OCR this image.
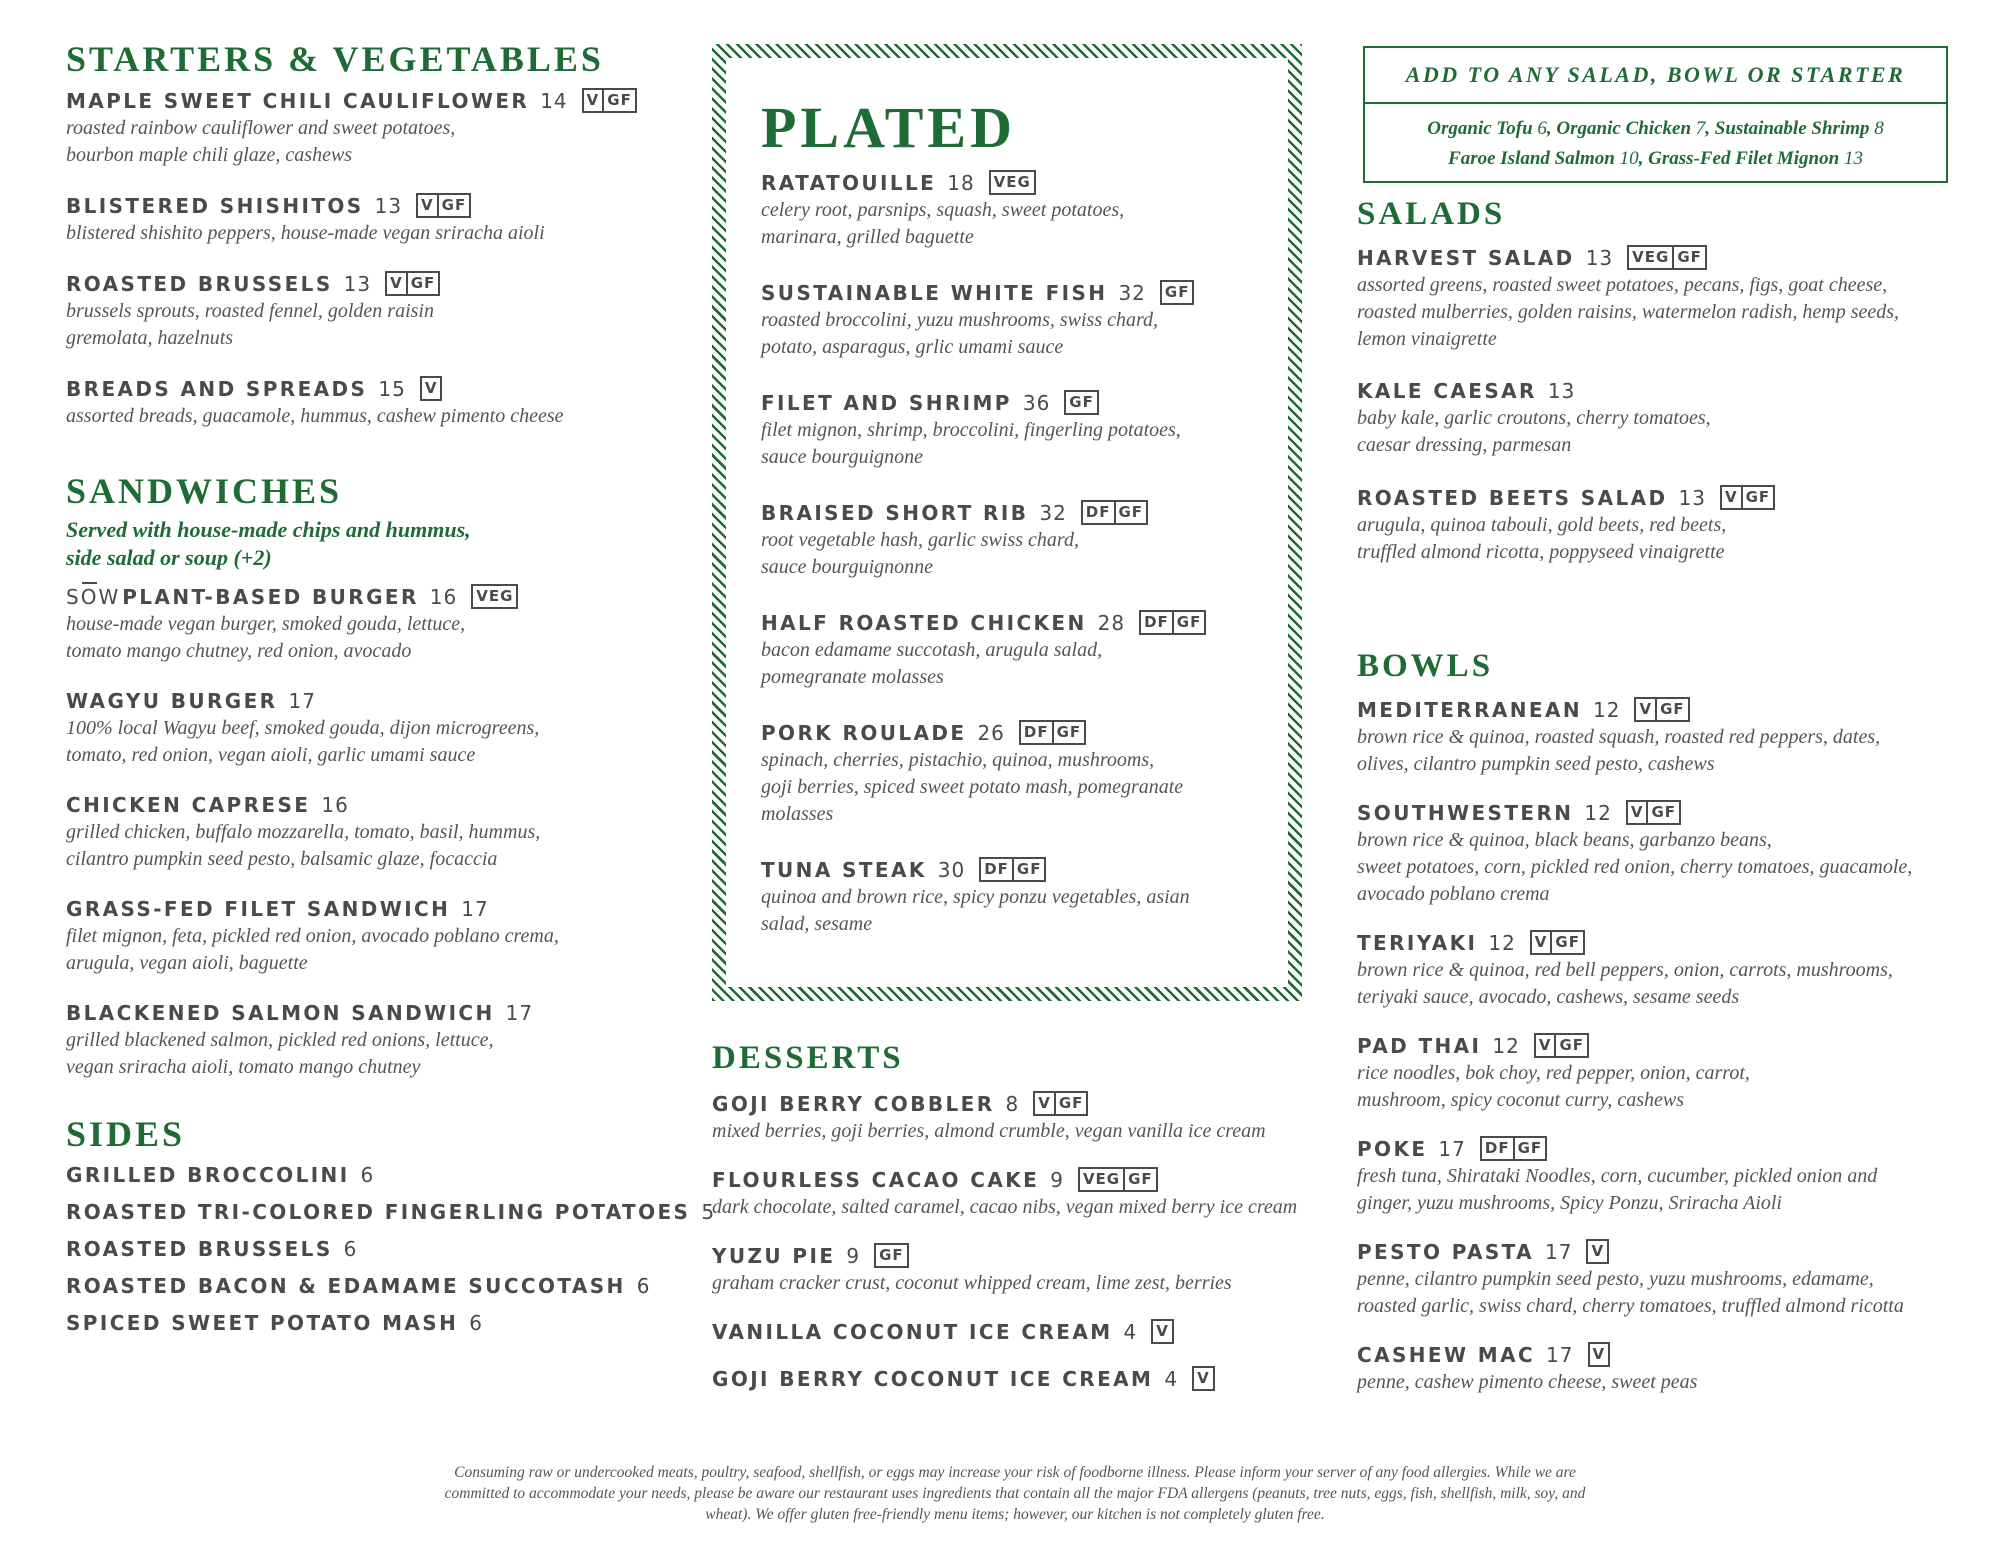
STARTERS & VEGETABLES
MAPLE SWEET CHILI CAULIFLOWER 14 V GF
roasted rainbow cauliflower and sweet potatoes,
bourbon maple chili glaze, cashews
BLISTERED SHISHITOS 13 V GF
blistered shishito peppers, house-made vegan sriracha aioli
ROASTED BRUSSELS 13 V GF
brussels sprouts, roasted fennel, golden raisin
gremolata, hazelnuts
BREADS AND SPREADS 15 V
assorted breads, guacamole, hummus, cashew pimento cheese
SANDWICHES
Served with house-made chips and hummus,
side salad or soup (+2)
SOW PLANT-BASED BURGER 16 VEG
house-made vegan burger, smoked gouda, lettuce,
tomato mango chutney, red onion, avocado
WAGYU BURGER 17
100% local Wagyu beef, smoked gouda, dijon microgreens,
tomato, red onion, vegan aioli, garlic umami sauce
CHICKEN CAPRESE 16
grilled chicken, buffalo mozzarella, tomato, basil, hummus,
cilantro pumpkin seed pesto, balsamic glaze, focaccia
GRASS-FED FILET SANDWICH 17
filet mignon, feta, pickled red onion, avocado poblano crema,
arugula, vegan aioli, baguette
BLACKENED SALMON SANDWICH 17
grilled blackened salmon, pickled red onions, lettuce,
vegan sriracha aioli, tomato mango chutney
SIDES
GRILLED BROCCOLINI 6
ROASTED TRI-COLORED FINGERLING POTATOES 5
ROASTED BRUSSELS 6
ROASTED BACON & EDAMAME SUCCOTASH 6
SPICED SWEET POTATO MASH 6
PLATED
RATATOUILLE 18 VEG
celery root, parsnips, squash, sweet potatoes,
marinara, grilled baguette
SUSTAINABLE WHITE FISH 32 GF
roasted broccolini, yuzu mushrooms, swiss chard,
potato, asparagus, grlic umami sauce
FILET AND SHRIMP 36 GF
filet mignon, shrimp, broccolini, fingerling potatoes,
sauce bourguignone
BRAISED SHORT RIB 32 DF GF
root vegetable hash, garlic swiss chard,
sauce bourguignonne
HALF ROASTED CHICKEN 28 DF GF
bacon edamame succotash, arugula salad,
pomegranate molasses
PORK ROULADE 26 DF GF
spinach, cherries, pistachio, quinoa, mushrooms,
goji berries, spiced sweet potato mash, pomegranate
molasses
TUNA STEAK 30 DF GF
quinoa and brown rice, spicy ponzu vegetables, asian
salad, sesame
DESSERTS
GOJI BERRY COBBLER 8 V GF
mixed berries, goji berries, almond crumble, vegan vanilla ice cream
FLOURLESS CACAO CAKE 9 VEG GF
dark chocolate, salted caramel, cacao nibs, vegan mixed berry ice cream
YUZU PIE 9 GF
graham cracker crust, coconut whipped cream, lime zest, berries
VANILLA COCONUT ICE CREAM 4 V
GOJI BERRY COCONUT ICE CREAM 4 V
ADD TO ANY SALAD, BOWL OR STARTER
Organic Tofu 6, Organic Chicken 7, Sustainable Shrimp 8
Faroe Island Salmon 10, Grass-Fed Filet Mignon 13
SALADS
HARVEST SALAD 13 VEG GF
assorted greens, roasted sweet potatoes, pecans, figs, goat cheese,
roasted mulberries, golden raisins, watermelon radish, hemp seeds,
lemon vinaigrette
KALE CAESAR 13
baby kale, garlic croutons, cherry tomatoes,
caesar dressing, parmesan
ROASTED BEETS SALAD 13 V GF
arugula, quinoa tabouli, gold beets, red beets,
truffled almond ricotta, poppyseed vinaigrette
BOWLS
MEDITERRANEAN 12 V GF
brown rice & quinoa, roasted squash, roasted red peppers, dates,
olives, cilantro pumpkin seed pesto, cashews
SOUTHWESTERN 12 V GF
brown rice & quinoa, black beans, garbanzo beans,
sweet potatoes, corn, pickled red onion, cherry tomatoes, guacamole,
avocado poblano crema
TERIYAKI 12 V GF
brown rice & quinoa, red bell peppers, onion, carrots, mushrooms,
teriyaki sauce, avocado, cashews, sesame seeds
PAD THAI 12 V GF
rice noodles, bok choy, red pepper, onion, carrot,
mushroom, spicy coconut curry, cashews
POKE 17 DF GF
fresh tuna, Shirataki Noodles, corn, cucumber, pickled onion and
ginger, yuzu mushrooms, Spicy Ponzu, Sriracha Aioli
PESTO PASTA 17 V
penne, cilantro pumpkin seed pesto, yuzu mushrooms, edamame,
roasted garlic, swiss chard, cherry tomatoes, truffled almond ricotta
CASHEW MAC 17 V
penne, cashew pimento cheese, sweet peas
Consuming raw or undercooked meats, poultry, seafood, shellfish, or eggs may increase your risk of foodborne illness. Please inform your server of any food allergies. While we are
committed to accommodate your needs, please be aware our restaurant uses ingredients that contain all the major FDA allergens (peanuts, tree nuts, eggs, fish, shellfish, milk, soy, and
wheat). We offer gluten free-friendly menu items; however, our kitchen is not completely gluten free.
